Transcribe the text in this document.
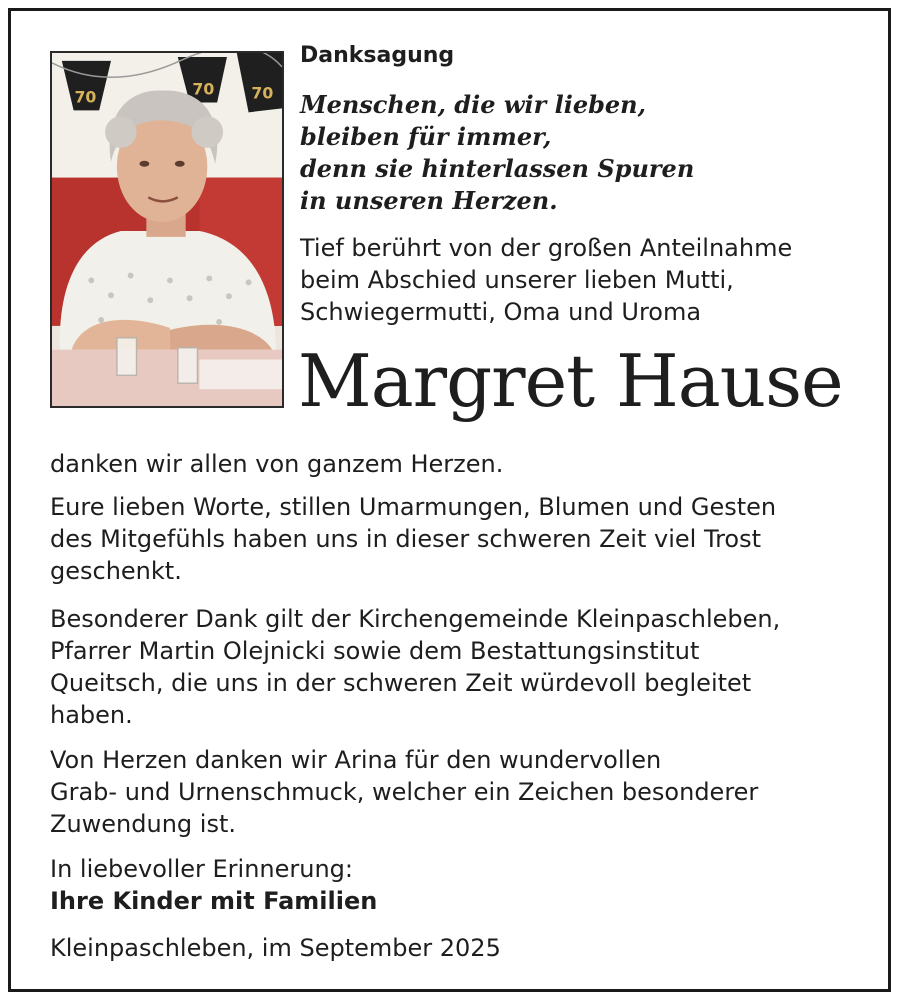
70	70 70
Danksagung
Menschen, die wir lieben,
bleiben für immer,
denn sie hinterlassen Spuren
in unseren Herzen.
Tief berührt von der großen Anteilnahme
beim Abschied unserer lieben Mutti,
Schwiegermutti, Oma und Uroma
Margret Hause
danken wir allen von ganzem Herzen.
Eure lieben Worte, stillen Umarmungen, Blumen und Gesten
des Mitgefühls haben uns in dieser schweren Zeit viel Trost
geschenkt.
Besonderer Dank gilt der Kirchengemeinde Kleinpaschleben,
Pfarrer Martin Olejnicki sowie dem Bestattungsinstitut
Queitsch, die uns in der schweren Zeit würdevoll begleitet
haben.
Von Herzen danken wir Arina für den wundervollen
Grab- und Urnenschmuck, welcher ein Zeichen besonderer
Zuwendung ist.
In liebevoller Erinnerung:
Ihre Kinder mit Familien
Kleinpaschleben, im September 2025
